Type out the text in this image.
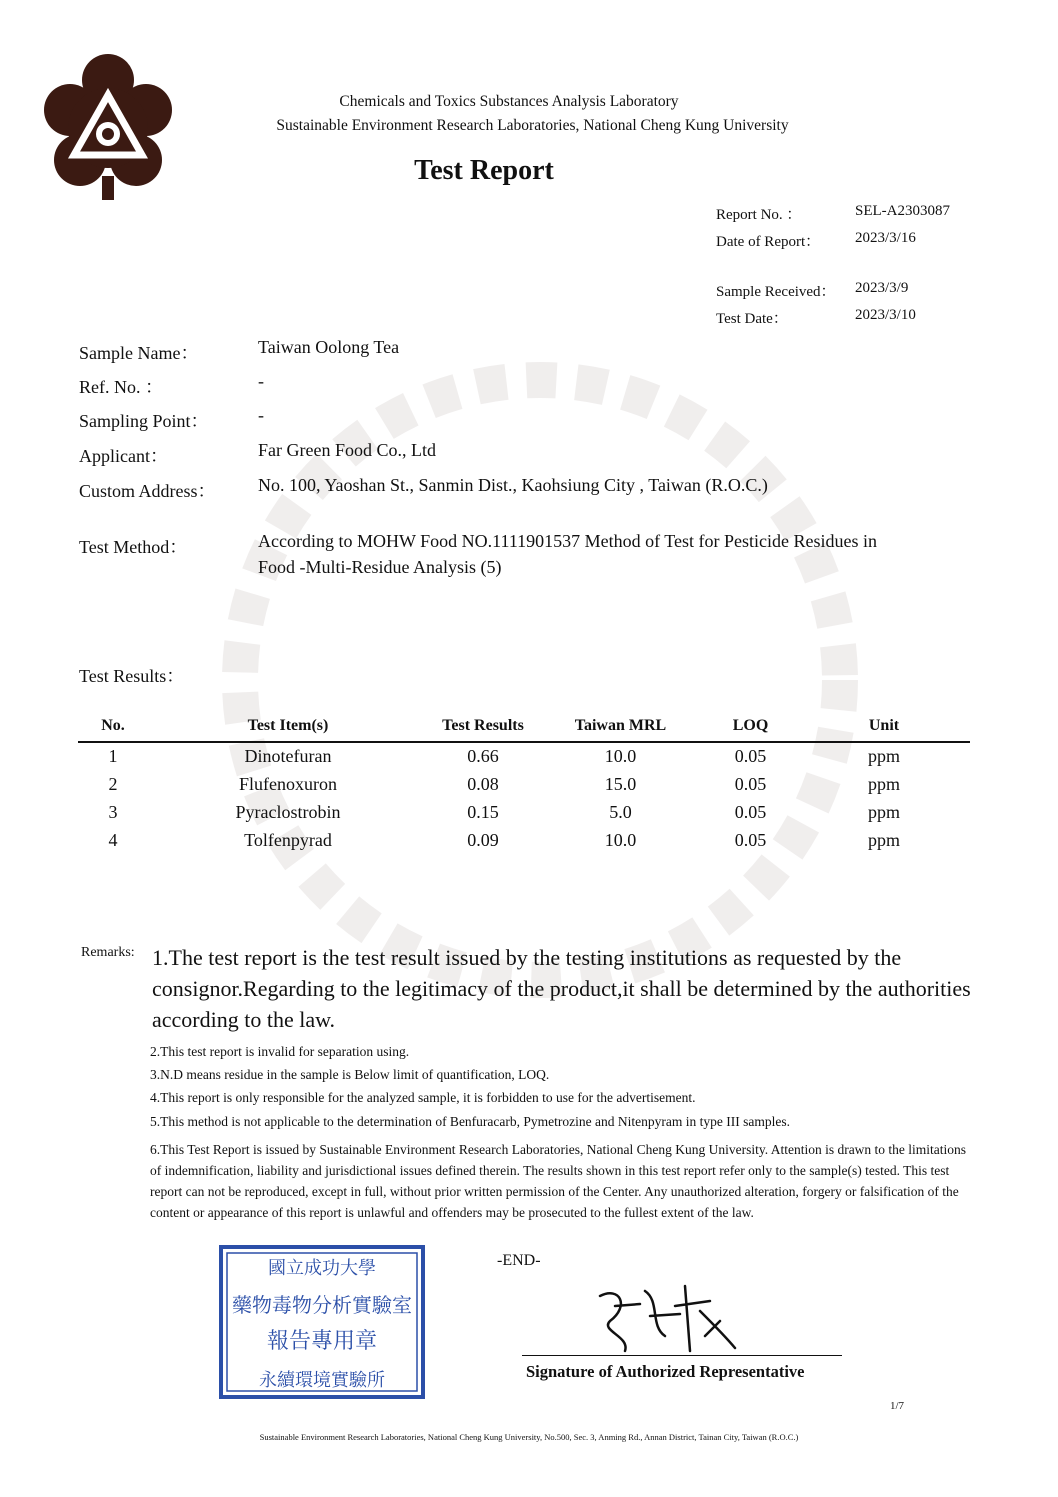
Chemicals and Toxics Substances Analysis Laboratory
Sustainable Environment Research Laboratories, National Cheng Kung University
Test Report
Report No. ：	SEL-A2303087
Date of Report： 2023/3/16
Sample Received： 2023/3/9
Test Date：	2023/3/10
Sample Name：	Taiwan Oolong Tea
Ref. No. ：	-
Sampling Point：	-
Applicant：	Far Green Food Co., Ltd
Custom Address： No. 100, Yaoshan St., Sanmin Dist., Kaohsiung City , Taiwan (R.O.C.)
Test Method：	According to MOHW Food NO.1111901537 Method of Test for Pesticide Residues in
Food -Multi-Residue Analysis (5)
Test Results：
No.	Test Item(s)	Test Results	Taiwan MRL	LOQ	Unit
1	Dinotefuran	0.66	10.0	0.05	ppm
2	Flufenoxuron	0.08	15.0	0.05	ppm
3	Pyraclostrobin	0.15	5.0	0.05	ppm
4	Tolfenpyrad	0.09	10.0	0.05	ppm
Remarks: 1.The test report is the test result issued by the testing institutions as requested by the consignor.Regarding to the legitimacy of the product,it shall be determined by the authorities according to the law.
2.This test report is invalid for separation using.
3.N.D means residue in the sample is Below limit of quantification, LOQ.
4.This report is only responsible for the analyzed sample, it is forbidden to use for the advertisement.
5.This method is not applicable to the determination of Benfuracarb, Pymetrozine and Nitenpyram in type III samples.
6.This Test Report is issued by Sustainable Environment Research Laboratories, National Cheng Kung University. Attention is drawn to the limitations of indemnification, liability and jurisdictional issues defined therein. The results shown in this test report refer only to the sample(s) tested. This test report can not be reproduced, except in full, without prior written permission of the Center. Any unauthorized alteration, forgery or falsification of the content or appearance of this report is unlawful and offenders may be prosecuted to the fullest extent of the law.
-END-
國立成功大學
藥物毒物分析實驗室
報告專用章
永續環境實驗所	Signature of Authorized Representative
1/7
Sustainable Environment Research Laboratories, National Cheng Kung University, No.500, Sec. 3, Anming Rd., Annan District, Tainan City, Taiwan (R.O.C.)
